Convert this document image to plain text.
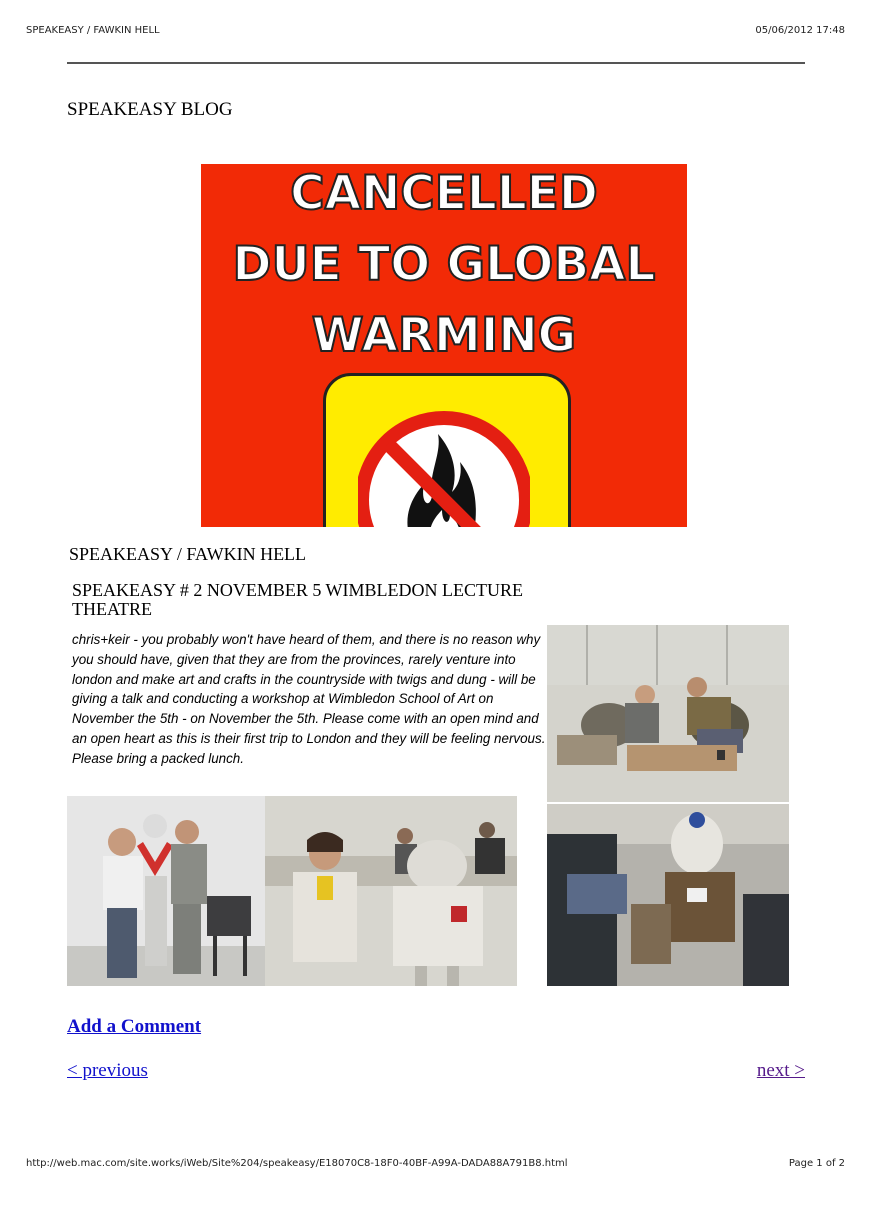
SPEAKEASY / FAWKIN HELL	05/06/2012 17:48
SPEAKEASY BLOG
CANCELLED
DUE TO GLOBAL
WARMING
SPEAKEASY / FAWKIN HELL
SPEAKEASY # 2 NOVEMBER 5 WIMBLEDON LECTURE THEATRE
chris+keir - you probably won't have heard of them, and there is no reason why you should have, given that they are from the provinces, rarely venture into london and make art and crafts in the countryside with twigs and dung - will be giving a talk and conducting a workshop at Wimbledon School of Art on November the 5th - on November the 5th. Please come with an open mind and an open heart as this is their first trip to London and they will be feeling nervous. Please bring a packed lunch.
Add a Comment
< previous	next >
http://web.mac.com/site.works/iWeb/Site%204/speakeasy/E18070C8-18F0-40BF-A99A-DADA88A791B8.html	Page 1 of 2
